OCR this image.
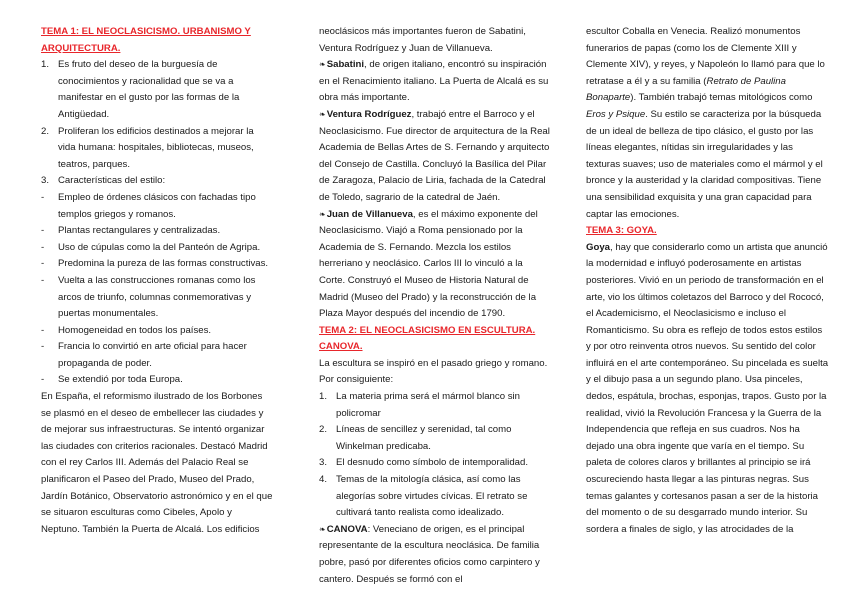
TEMA 1: EL NEOCLASICISMO. URBANISMO Y ARQUITECTURA.

1. Es fruto del deseo de la burguesía de conocimientos y racionalidad que se va a manifestar en el gusto por las formas de la Antigüedad.
2. Proliferan los edificios destinados a mejorar la vida humana: hospitales, bibliotecas, museos, teatros, parques.
3. Características del estilo:
- Empleo de órdenes clásicos con fachadas tipo templos griegos y romanos.
- Plantas rectangulares y centralizadas.
- Uso de cúpulas como la del Panteón de Agripa.
- Predomina la pureza de las formas constructivas.
- Vuelta a las construcciones romanas como los arcos de triunfo, columnas conmemorativas y puertas monumentales.
- Homogeneidad en todos los países.
- Francia lo convirtió en arte oficial para hacer propaganda de poder.
- Se extendió por toda Europa.

En España, el reformismo ilustrado de los Borbones se plasmó en el deseo de embellecer las ciudades y de mejorar sus infraestructuras. Se intentó organizar las ciudades con criterios racionales. Destacó Madrid con el rey Carlos III. Además del Palacio Real se planificaron el Paseo del Prado, Museo del Prado, Jardín Botánico, Observatorio astronómico y en el que se situaron esculturas como Cibeles, Apolo y Neptuno. También la Puerta de Alcalá. Los edificios

neoclásicos más importantes fueron de Sabatini, Ventura Rodríguez y Juan de Villanueva.

❧ Sabatini, de origen italiano, encontró su inspiración en el Renacimiento italiano. La Puerta de Alcalá es su obra más importante.

❧ Ventura Rodríguez, trabajó entre el Barroco y el Neoclasicismo. Fue director de arquitectura de la Real Academia de Bellas Artes de S. Fernando y arquitecto del Consejo de Castilla. Concluyó la Basílica del Pilar de Zaragoza, Palacio de Liria, fachada de la Catedral de Toledo, sagrario de la catedral de Jaén.

❧ Juan de Villanueva, es el máximo exponente del Neoclasicismo. Viajó a Roma pensionado por la Academia de S. Fernando. Mezcla los estilos herreriano y neoclásico. Carlos III lo vinculó a la Corte. Construyó el Museo de Historia Natural de Madrid (Museo del Prado) y la reconstrucción de la Plaza Mayor después del incendio de 1790.

TEMA 2: EL NEOCLASICISMO EN ESCULTURA. CANOVA.

La escultura se inspiró en el pasado griego y romano. Por consiguiente:

1. La materia prima será el mármol blanco sin policromar
2. Líneas de sencillez y serenidad, tal como Winkelman predicaba.
3. El desnudo como símbolo de intemporalidad.
4. Temas de la mitología clásica, así como las alegorías sobre virtudes cívicas. El retrato se cultivará tanto realista como idealizado.

❧ CANOVA: Veneciano de origen, es el principal representante de la escultura neoclásica. De familia pobre, pasó por diferentes oficios como carpintero y cantero. Después se formó con el

escultor Coballa en Venecia. Realizó monumentos funerarios de papas (como los de Clemente XIII y Clemente XIV), y reyes, y Napoleón lo llamó para que lo retratase a él y a su familia (Retrato de Paulina Bonaparte). También trabajó temas mitológicos como Eros y Psique. Su estilo se caracteriza por la búsqueda de un ideal de belleza de tipo clásico, el gusto por las líneas elegantes, nítidas sin irregularidades y las texturas suaves; uso de materiales como el mármol y el bronce y la austeridad y la claridad compositivas. Tiene una sensibilidad exquisita y una gran capacidad para captar las emociones.

TEMA 3: GOYA.

Goya, hay que considerarlo como un artista que anunció la modernidad e influyó poderosamente en artistas posteriores. Vivió en un periodo de transformación en el arte, vio los últimos coletazos del Barroco y del Rococó, el Academicismo, el Neoclasicismo e incluso el Romanticismo. Su obra es reflejo de todos estos estilos y por otro reinventa otros nuevos. Su sentido del color influirá en el arte contemporáneo. Su pincelada es suelta y el dibujo pasa a un segundo plano. Usa pinceles, dedos, espátula, brochas, esponjas, trapos. Gusto por la realidad, vivió la Revolución Francesa y la Guerra de la Independencia que refleja en sus cuadros. Nos ha dejado una obra ingente que varía en el tiempo. Su paleta de colores claros y brillantes al principio se irá oscureciendo hasta llegar a las pinturas negras. Sus temas galantes y cortesanos pasan a ser de la historia del momento o de su desgarrado mundo interior. Su sordera a finales de siglo, y las atrocidades de la
